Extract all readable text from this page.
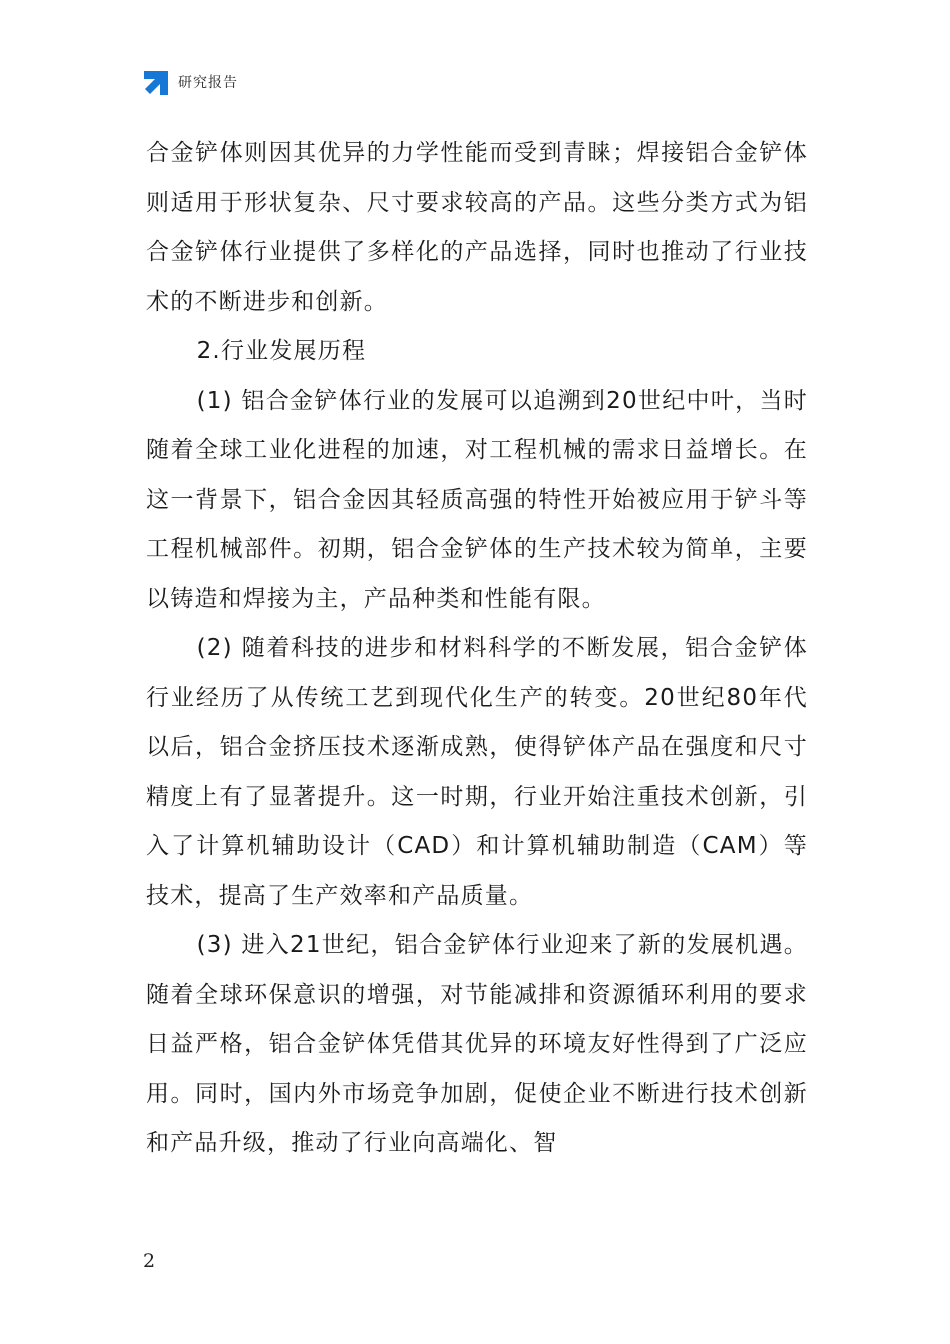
研究报告

合金铲体则因其优异的力学性能而受到青睐；焊接铝合金铲体则适用于形状复杂、尺寸要求较高的产品。这些分类方式为铝合金铲体行业提供了多样化的产品选择，同时也推动了行业技术的不断进步和创新。

2.行业发展历程

(1) 铝合金铲体行业的发展可以追溯到20世纪中叶，当时随着全球工业化进程的加速，对工程机械的需求日益增长。在这一背景下，铝合金因其轻质高强的特性开始被应用于铲斗等工程机械部件。初期，铝合金铲体的生产技术较为简单，主要以铸造和焊接为主，产品种类和性能有限。

(2) 随着科技的进步和材料科学的不断发展，铝合金铲体行业经历了从传统工艺到现代化生产的转变。20世纪80年代以后，铝合金挤压技术逐渐成熟，使得铲体产品在强度和尺寸精度上有了显著提升。这一时期，行业开始注重技术创新，引入了计算机辅助设计（CAD）和计算机辅助制造（CAM）等技术，提高了生产效率和产品质量。

(3) 进入21世纪，铝合金铲体行业迎来了新的发展机遇。随着全球环保意识的增强，对节能减排和资源循环利用的要求日益严格，铝合金铲体凭借其优异的环境友好性得到了广泛应用。同时，国内外市场竞争加剧，促使企业不断进行技术创新和产品升级，推动了行业向高端化、智

2
